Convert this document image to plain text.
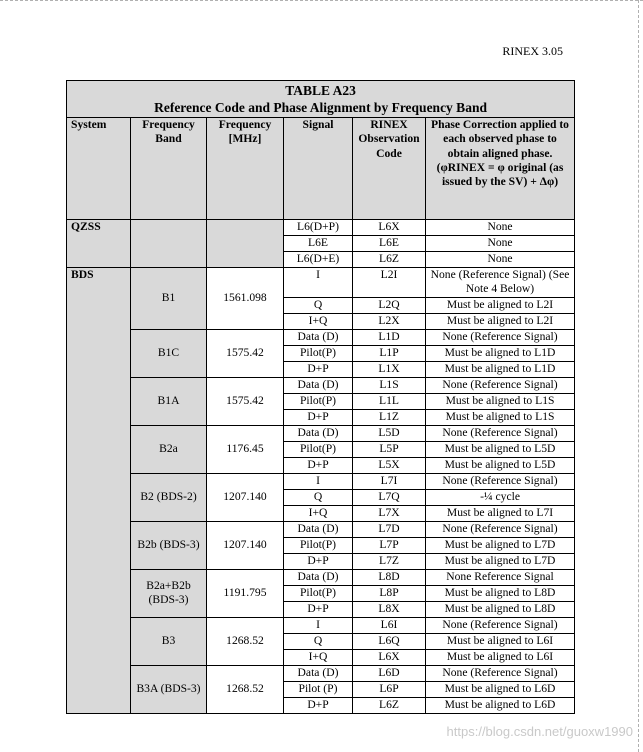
RINEX 3.05
TABLE A23
Reference Code and Phase Alignment by Frequency Band					

System	Frequency Band	Frequency [MHz]	Signal	RINEX Observation Code	Phase Correction applied to each observed phase to obtain aligned phase. (φRINEX = φ original (as issued by the SV) + Δφ)
QZSS			L6(D+P)	L6X	None
			L6E	L6E	None
			L6(D+E)	L6Z	None
BDS	B1	1561.098	I	L2I	None (Reference Signal) (See Note 4 Below)
			Q	L2Q	Must be aligned to L2I
			I+Q	L2X	Must be aligned to L2I
	B1C	1575.42	Data (D)	L1D	None (Reference Signal)
			Pilot(P)	L1P	Must be aligned to L1D
			D+P	L1X	Must be aligned to L1D
	B1A	1575.42	Data (D)	L1S	None (Reference Signal)
			Pilot(P)	L1L	Must be aligned to L1S
			D+P	L1Z	Must be aligned to L1S
	B2a	1176.45	Data (D)	L5D	None (Reference Signal)
			Pilot(P)	L5P	Must be aligned to L5D
			D+P	L5X	Must be aligned to L5D
	B2 (BDS-2)	1207.140	I	L7I	None (Reference Signal)
			Q	L7Q	-¼ cycle
			I+Q	L7X	Must be aligned to L7I
	B2b (BDS-3)	1207.140	Data (D)	L7D	None (Reference Signal)
			Pilot(P)	L7P	Must be aligned to L7D
			D+P	L7Z	Must be aligned to L7D
	B2a+B2b (BDS-3)	1191.795	Data (D)	L8D	None Reference Signal
			Pilot(P)	L8P	Must be aligned to L8D
			D+P	L8X	Must be aligned to L8D
	B3	1268.52	I	L6I	None (Reference Signal)
			Q	L6Q	Must be aligned to L6I
			I+Q	L6X	Must be aligned to L6I
	B3A (BDS-3)	1268.52	Data (D)	L6D	None (Reference Signal)
			Pilot (P)	L6P	Must be aligned to L6D
			D+P	L6Z	Must be aligned to L6D
https://blog.csdn.net/guoxw1990
